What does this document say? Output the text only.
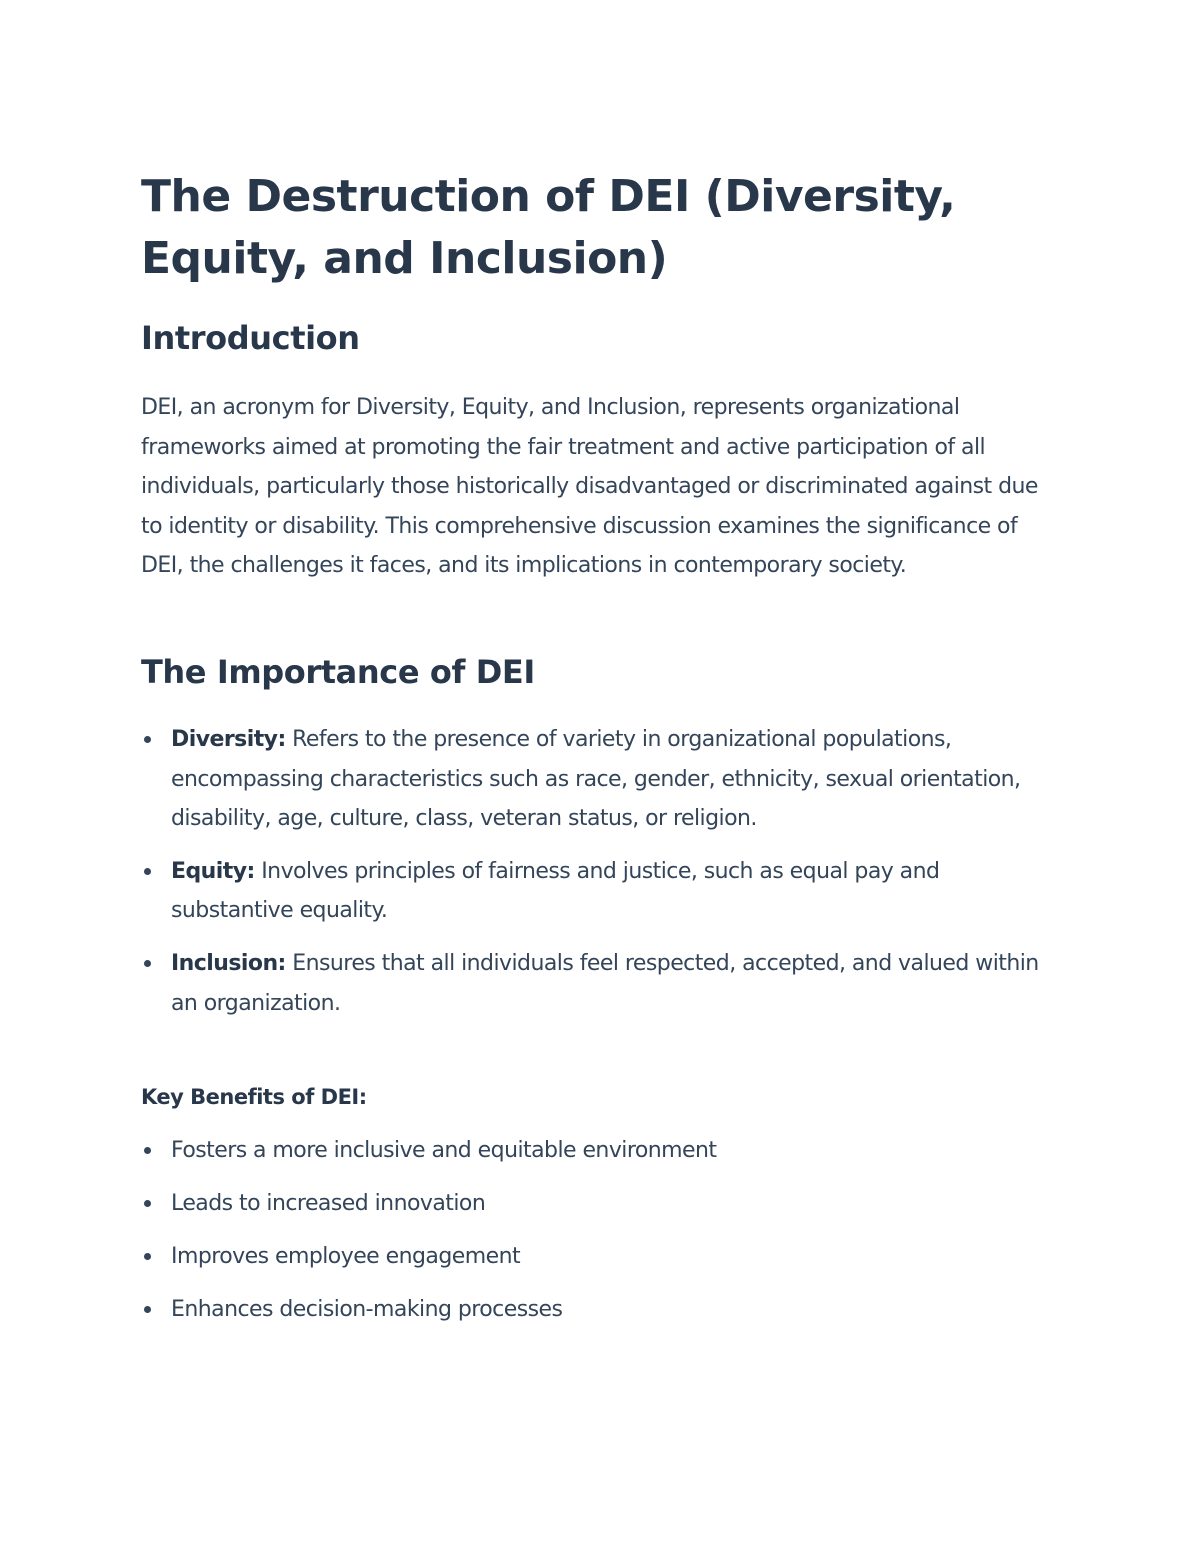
The Destruction of DEI (Diversity, Equity, and Inclusion)
Introduction

DEI, an acronym for Diversity, Equity, and Inclusion, represents organizational frameworks aimed at promoting the fair treatment and active participation of all individuals, particularly those historically disadvantaged or discriminated against due to identity or disability. This comprehensive discussion examines the significance of DEI, the challenges it faces, and its implications in contemporary society.

The Importance of DEI
Diversity: Refers to the presence of variety in organizational populations, encompassing characteristics such as race, gender, ethnicity, sexual orientation, disability, age, culture, class, veteran status, or religion.
Equity: Involves principles of fairness and justice, such as equal pay and substantive equality.
Inclusion: Ensures that all individuals feel respected, accepted, and valued within an organization.

Key Benefits of DEI:

Fosters a more inclusive and equitable environment
Leads to increased innovation
Improves employee engagement
Enhances decision-making processes
